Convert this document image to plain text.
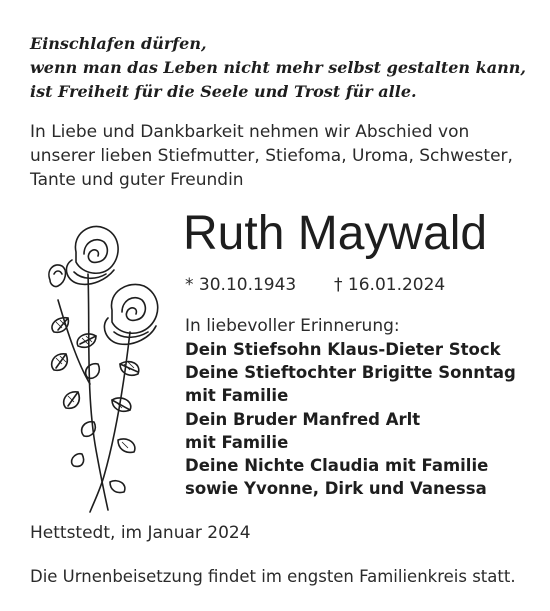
Einschlafen dürfen,
wenn man das Leben nicht mehr selbst gestalten kann,
ist Freiheit für die Seele und Trost für alle.
In Liebe und Dankbarkeit nehmen wir Abschied von
unserer lieben Stiefmutter, Stiefoma, Uroma, Schwester,
Tante und guter Freundin
Ruth Maywald
* 30.10.1943 † 16.01.2024
In liebevoller Erinnerung:
Dein Stiefsohn Klaus-Dieter Stock
Deine Stieftochter Brigitte Sonntag
mit Familie
Dein Bruder Manfred Arlt
mit Familie
Deine Nichte Claudia mit Familie
sowie Yvonne, Dirk und Vanessa
Hettstedt, im Januar 2024
Die Urnenbeisetzung findet im engsten Familienkreis statt.
